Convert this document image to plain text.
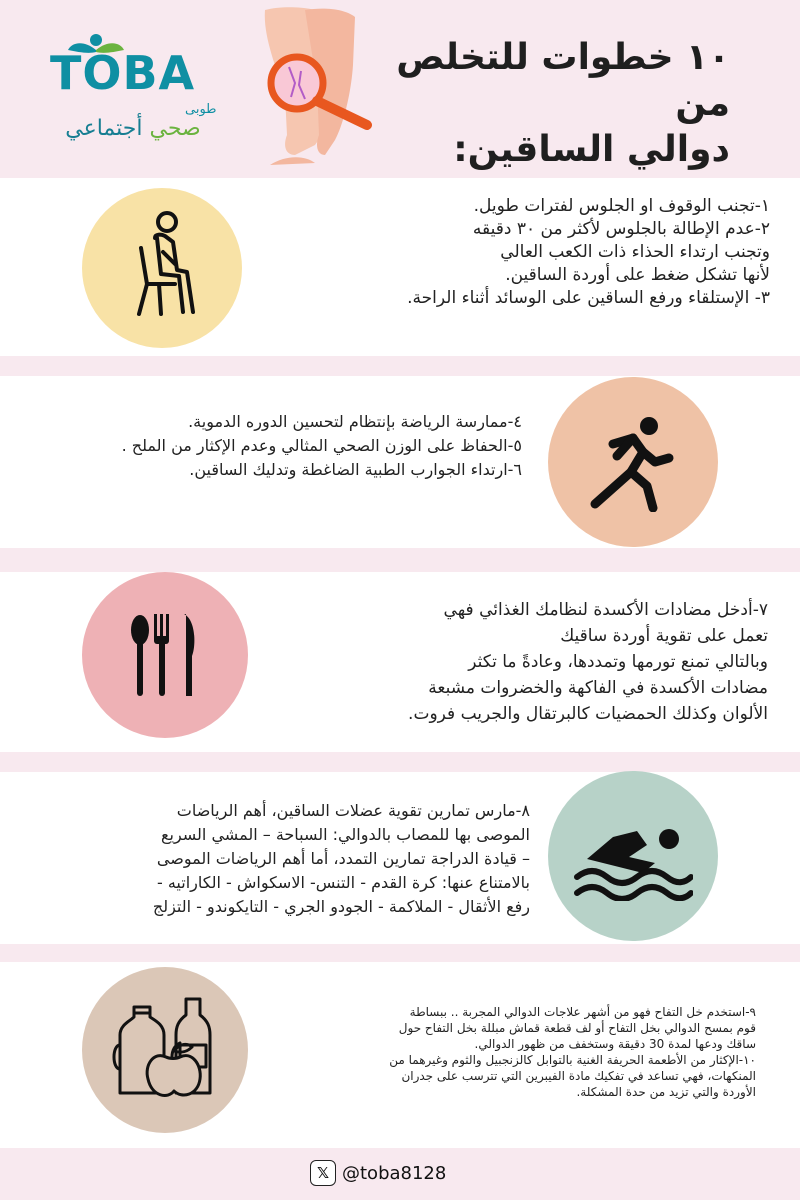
TOBA
طوبى
صحي أجتماعي
١٠ خطوات للتخلص من
دوالي الساقين:
١-تجنب الوقوف او الجلوس لفترات طويل.
٢-عدم الإطالة بالجلوس لأكثر من ٣٠ دقيقه
وتجنب ارتداء الحذاء ذات الكعب العالي
لأنها تشكل ضغط على أوردة الساقين.
٣- الإستلقاء ورفع الساقين على الوسائد أثناء الراحة.
٤-ممارسة الرياضة بإنتظام لتحسين الدوره الدموية.
٥-الحفاظ على الوزن الصحي المثالي وعدم الإكثار من الملح .
٦-ارتداء الجوارب الطبية الضاغطة وتدليك الساقين.
٧-أدخل مضادات الأكسدة لنظامك الغذائي فهي
تعمل على تقوية أوردة ساقيك
وبالتالي تمنع تورمها وتمددها، وعادةً ما تكثر
مضادات الأكسدة في الفاكهة والخضروات مشبعة
الألوان وكذلك الحمضيات كالبرتقال والجريب فروت.
٨-مارس تمارين تقوية عضلات الساقين، أهم الرياضات
الموصى بها للمصاب بالدوالي: السباحة – المشي السريع
– قيادة الدراجة تمارين التمدد، أما أهم الرياضات الموصى
بالامتناع عنها: كرة القدم - التنس- الاسكواش - الكاراتيه -
رفع الأثقال - الملاكمة - الجودو الجري - التايكوندو - التزلج
٩-استخدم خل التفاح فهو من أشهر علاجات الدوالي المجربة .. ببساطة
قوم بمسح الدوالي بخل التفاح أو لف قطعة قماش مبللة بخل التفاح حول
ساقك ودعها لمدة 30 دقيقة وستخفف من ظهور الدوالي.
١٠-الإكثار من الأطعمة الحريفة الغنية بالتوابل كالزنجبيل والثوم وغيرهما من
المنكهات، فهي تساعد في تفكيك مادة الفيبرين التي تترسب على جدران
الأوردة والتي تزيد من حدة المشكلة.
𝕏 @toba8128
